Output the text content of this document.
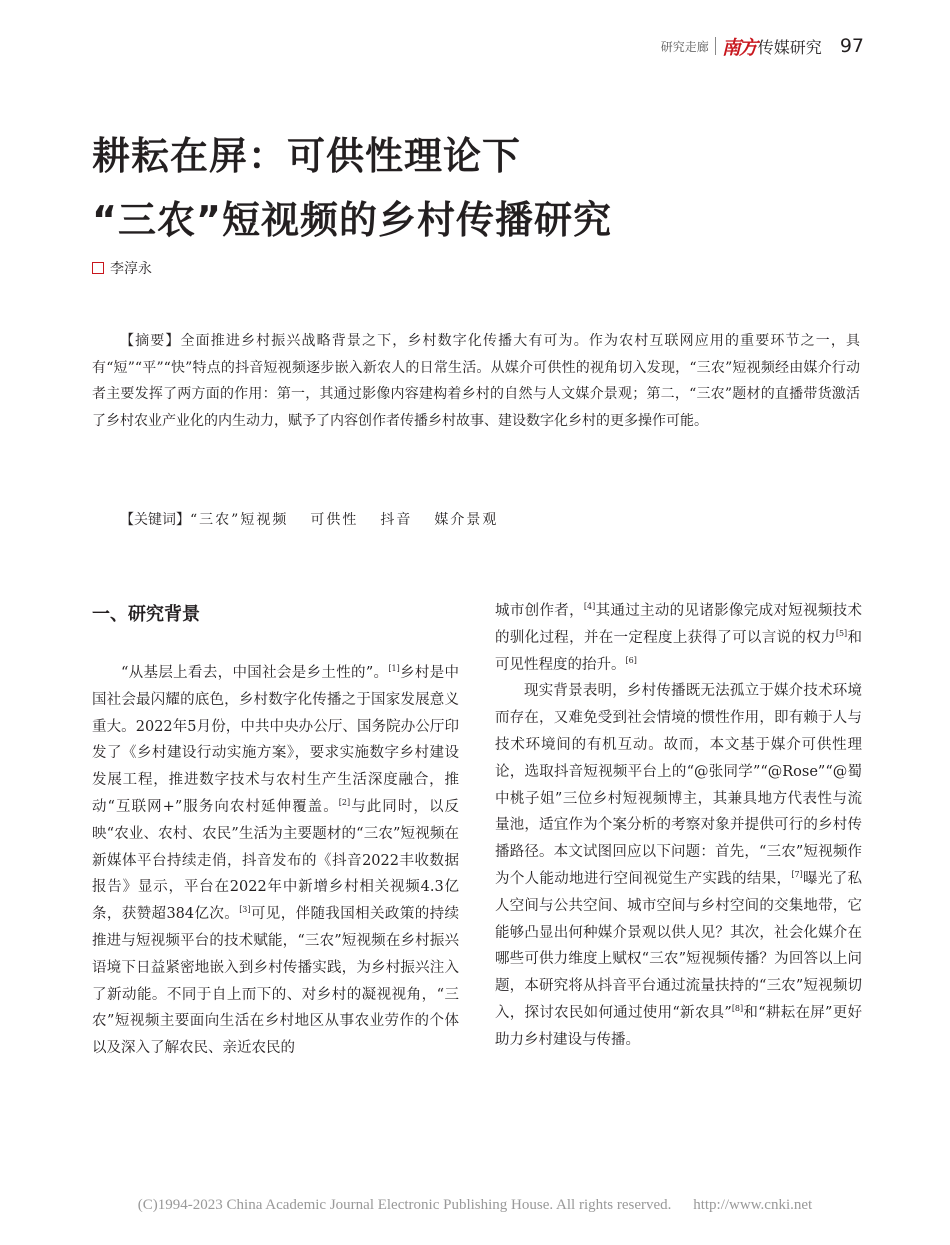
研究走廊 南方 传媒研究 97
耕耘在屏：可供性理论下
“三农”短视频的乡村传播研究
李淳永

【摘要】全面推进乡村振兴战略背景之下，乡村数字化传播大有可为。作为农村互联网应用的重要环节之一，具有“短”“平”“快”特点的抖音短视频逐步嵌入新农人的日常生活。从媒介可供性的视角切入发现，“三农”短视频经由媒介行动者主要发挥了两方面的作用：第一，其通过影像内容建构着乡村的自然与人文媒介景观；第二，“三农”题材的直播带货激活了乡村农业产业化的内生动力，赋予了内容创作者传播乡村故事、建设数字化乡村的更多操作可能。

【关键词】 “三农”短视频 可供性 抖音 媒介景观

一、研究背景

“从基层上看去，中国社会是乡土性的”。[1]乡村是中国社会最闪耀的底色，乡村数字化传播之于国家发展意义重大。2022年5月份，中共中央办公厅、国务院办公厅印发了《乡村建设行动实施方案》，要求实施数字乡村建设发展工程，推进数字技术与农村生产生活深度融合，推动“互联网+”服务向农村延伸覆盖。[2]与此同时，以反映“农业、农村、农民”生活为主要题材的“三农”短视频在新媒体平台持续走俏，抖音发布的《抖音2022丰收数据报告》显示，平台在2022年中新增乡村相关视频4.3亿条，获赞超384亿次。[3]可见，伴随我国相关政策的持续推进与短视频平台的技术赋能，“三农”短视频在乡村振兴语境下日益紧密地嵌入到乡村传播实践，为乡村振兴注入了新动能。不同于自上而下的、对乡村的凝视视角，“三农”短视频主要面向生活在乡村地区从事农业劳作的个体以及深入了解农民、亲近农民的

城市创作者，[4]其通过主动的见诸影像完成对短视频技术的驯化过程，并在一定程度上获得了可以言说的权力[5]和可见性程度的抬升。[6]

现实背景表明，乡村传播既无法孤立于媒介技术环境而存在，又难免受到社会情境的惯性作用，即有赖于人与技术环境间的有机互动。故而，本文基于媒介可供性理论，选取抖音短视频平台上的“@张同学”“@Rose”“@蜀中桃子姐”三位乡村短视频博主，其兼具地方代表性与流量池，适宜作为个案分析的考察对象并提供可行的乡村传播路径。本文试图回应以下问题：首先，“三农”短视频作为个人能动地进行空间视觉生产实践的结果，[7]曝光了私人空间与公共空间、城市空间与乡村空间的交集地带，它能够凸显出何种媒介景观以供人见？其次，社会化媒介在哪些可供力维度上赋权“三农”短视频传播？为回答以上问题，本研究将从抖音平台通过流量扶持的“三农”短视频切入，探讨农民如何通过使用“新农具”[8]和“耕耘在屏”更好助力乡村建设与传播。

(C)1994-2023 China Academic Journal Electronic Publishing House. All rights reserved. http://www.cnki.net
